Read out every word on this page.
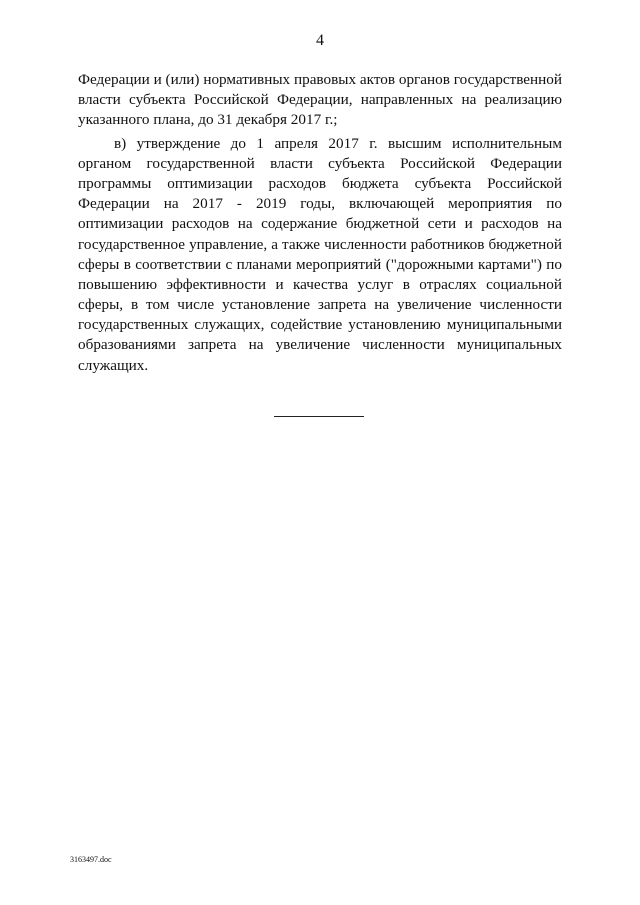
4
Федерации и (или) нормативных правовых актов органов государственной
власти субъекта Российской Федерации, направленных на реализацию
указанного плана, до 31 декабря 2017 г.;
в) утверждение до 1 апреля 2017 г. высшим исполнительным
органом государственной власти субъекта Российской Федерации
программы оптимизации расходов бюджета субъекта Российской
Федерации на 2017 - 2019 годы, включающей мероприятия по
оптимизации расходов на содержание бюджетной сети и расходов на
государственное управление, а также численности работников бюджетной
сферы в соответствии с планами мероприятий ("дорожными картами") по
повышению эффективности и качества услуг в отраслях социальной
сферы, в том числе установление запрета на увеличение численности
государственных служащих, содействие установлению муниципальными
образованиями запрета на увеличение численности муниципальных
служащих.
3163497.doc
